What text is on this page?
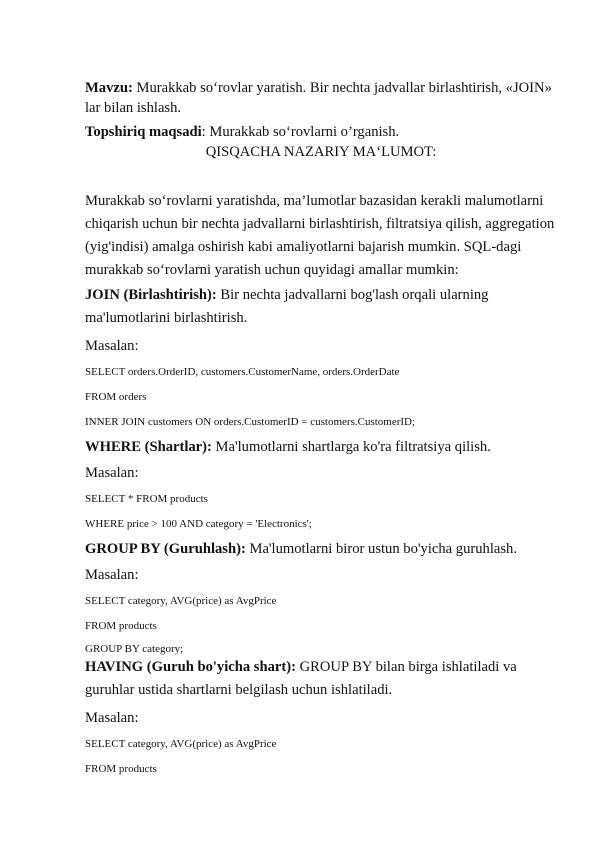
Mavzu: Murakkab so‘rovlar yaratish. Bir nechta jadvallar birlashtirish, «JOIN» lar bilan ishlash.

Topshiriq maqsadi: Murakkab so‘rovlarni o’rganish.

QISQACHA NAZARIY MA‘LUMOT:

Murakkab so‘rovlarni yaratishda, ma’lumotlar bazasidan kerakli malumotlarni chiqarish uchun bir nechta jadvallarni birlashtirish, filtratsiya qilish, aggregation (yig'indisi) amalga oshirish kabi amaliyotlarni bajarish mumkin. SQL-dagi murakkab so‘rovlarni yaratish uchun quyidagi amallar mumkin:

JOIN (Birlashtirish): Bir nechta jadvallarni bog'lash orqali ularning ma'lumotlarini birlashtirish.

Masalan:

SELECT orders.OrderID, customers.CustomerName, orders.OrderDate

FROM orders

INNER JOIN customers ON orders.CustomerID = customers.CustomerID;

WHERE (Shartlar): Ma'lumotlarni shartlarga ko'ra filtratsiya qilish.

Masalan:

SELECT * FROM products

WHERE price > 100 AND category = 'Electronics';

GROUP BY (Guruhlash): Ma'lumotlarni biror ustun bo'yicha guruhlash.

Masalan:

SELECT category, AVG(price) as AvgPrice

FROM products

GROUP BY category;

HAVING (Guruh bo'yicha shart): GROUP BY bilan birga ishlatiladi va guruhlar ustida shartlarni belgilash uchun ishlatiladi.

Masalan:

SELECT category, AVG(price) as AvgPrice

FROM products
